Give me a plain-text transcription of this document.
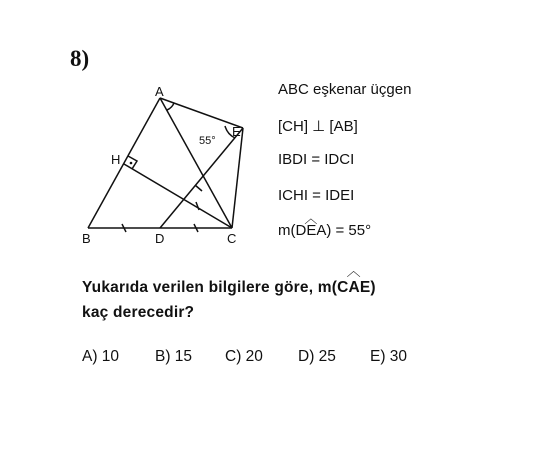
8)
A
B	C
D
E
H
55°
ABC eşkenar üçgen
[CH] ⊥ [AB]
IBDI = IDCI
ICHI = IDEI
m(
︿
DEA) = 55°
Yukarıda verilen bilgilere göre, m(
︿
CAE)
kaç derecedir?
A) 10 B) 15 C) 20 D) 25 E) 30
